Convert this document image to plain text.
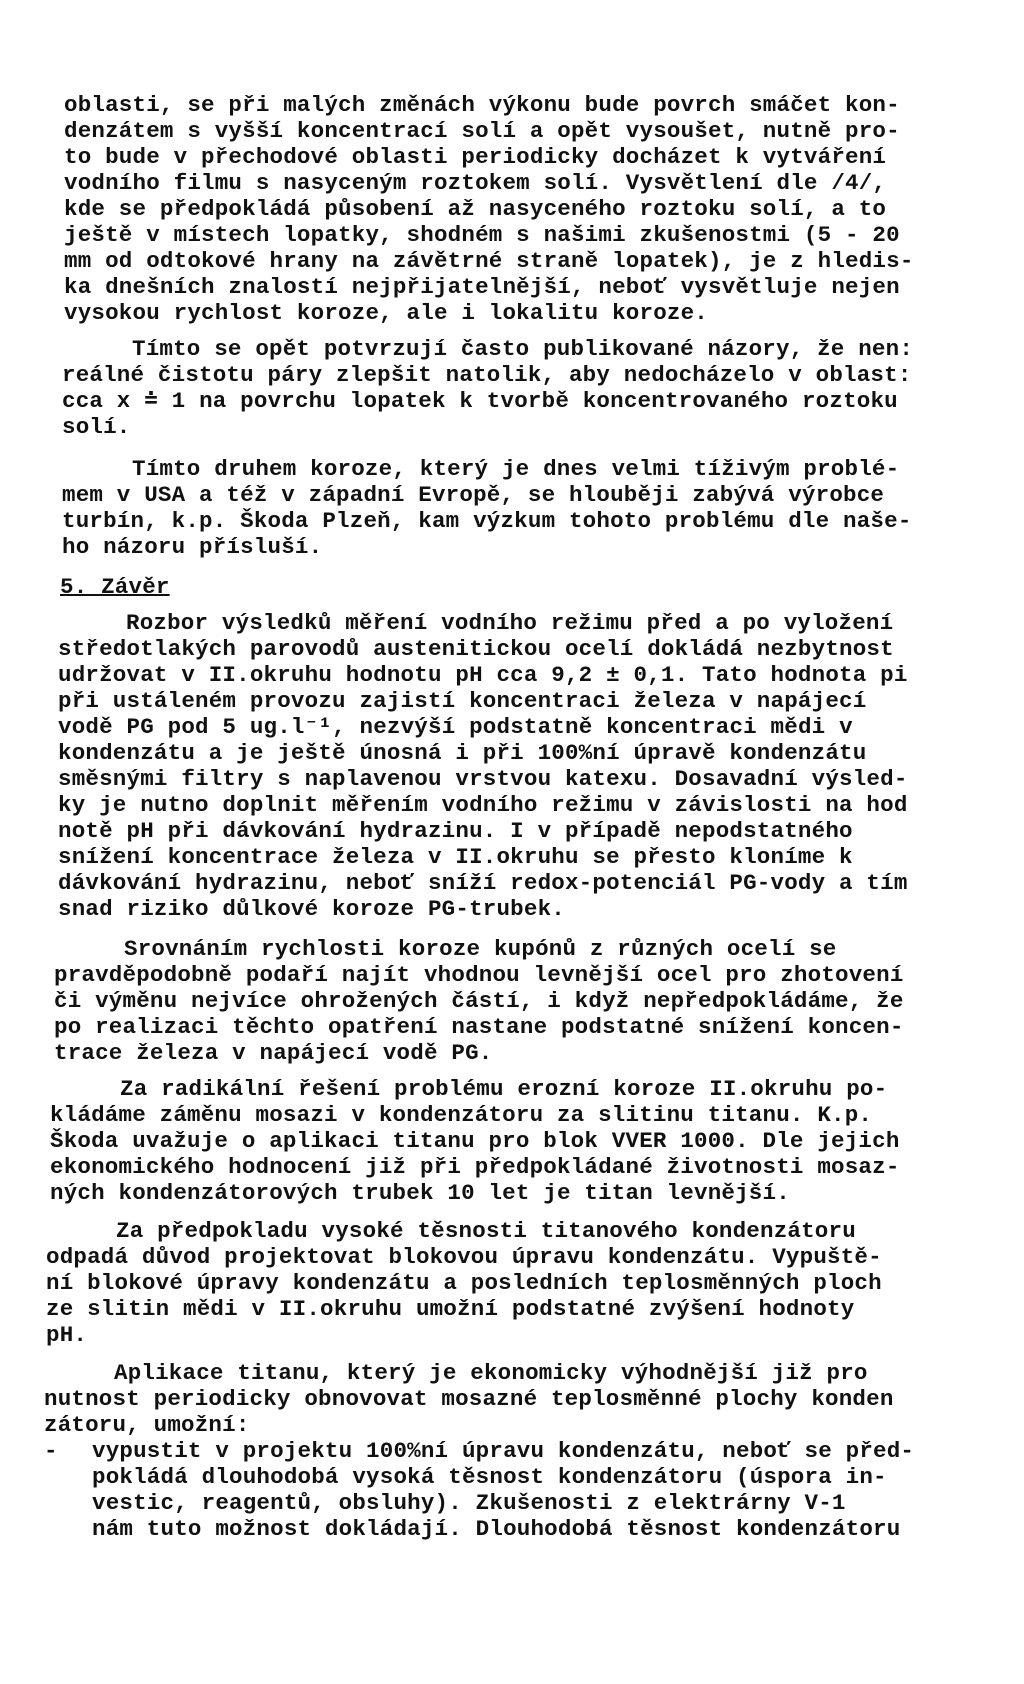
oblasti, se při malých změnách výkonu bude povrch smáčet kon-
denzátem s vyšší koncentrací solí a opět vysoušet, nutně pro-
to bude v přechodové oblasti periodicky docházet k vytváření
vodního filmu s nasyceným roztokem solí. Vysvětlení dle /4/,
kde se předpokládá působení až nasyceného roztoku solí, a to
ještě v místech lopatky, shodném s našimi zkušenostmi (5 - 20
mm od odtokové hrany na závětrné straně lopatek), je z hledis-
ka dnešních znalostí nejpřijatelnější, neboť vysvětluje nejen
vysokou rychlost koroze, ale i lokalitu koroze.
Tímto se opět potvrzují často publikované názory, že nen:
reálné čistotu páry zlepšit natolik, aby nedocházelo v oblast:
cca x ≐ 1 na povrchu lopatek k tvorbě koncentrovaného roztoku
solí.
Tímto druhem koroze, který je dnes velmi tíživým problé-
mem v USA a též v západní Evropě, se hlouběji zabývá výrobce
turbín, k.p. Škoda Plzeň, kam výzkum tohoto problému dle naše-
ho názoru přísluší.
5. Závěr
Rozbor výsledků měření vodního režimu před a po vyložení
středotlakých parovodů austenitickou ocelí dokládá nezbytnost
udržovat v II.okruhu hodnotu pH cca 9,2 ± 0,1. Tato hodnota pi
při ustáleném provozu zajistí koncentraci železa v napájecí
vodě PG pod 5 ug.l⁻¹, nezvýší podstatně koncentraci mědi v
kondenzátu a je ještě únosná i při 100%ní úpravě kondenzátu
směsnými filtry s naplavenou vrstvou katexu. Dosavadní výsled-
ky je nutno doplnit měřením vodního režimu v závislosti na hod
notě pH při dávkování hydrazinu. I v případě nepodstatného
snížení koncentrace železa v II.okruhu se přesto kloníme k
dávkování hydrazinu, neboť sníží redox-potenciál PG-vody a tím
snad riziko důlkové koroze PG-trubek.
Srovnáním rychlosti koroze kupónů z různých ocelí se
pravděpodobně podaří najít vhodnou levnější ocel pro zhotovení
či výměnu nejvíce ohrožených částí, i když nepředpokládáme, že
po realizaci těchto opatření nastane podstatné snížení koncen-
trace železa v napájecí vodě PG.
Za radikální řešení problému erozní koroze II.okruhu po-
kládáme záměnu mosazi v kondenzátoru za slitinu titanu. K.p.
Škoda uvažuje o aplikaci titanu pro blok VVER 1000. Dle jejich
ekonomického hodnocení již při předpokládané životnosti mosaz-
ných kondenzátorových trubek 10 let je titan levnější.
Za předpokladu vysoké těsnosti titanového kondenzátoru
odpadá důvod projektovat blokovou úpravu kondenzátu. Vypuště-
ní blokové úpravy kondenzátu a posledních teplosměnných ploch
ze slitin mědi v II.okruhu umožní podstatné zvýšení hodnoty
pH.
Aplikace titanu, který je ekonomicky výhodnější již pro
nutnost periodicky obnovovat mosazné teplosměnné plochy konden
zátoru, umožní:
- vypustit v projektu 100%ní úpravu kondenzátu, neboť se před-
pokládá dlouhodobá vysoká těsnost kondenzátoru (úspora in-
vestic, reagentů, obsluhy). Zkušenosti z elektrárny V-1
nám tuto možnost dokládají. Dlouhodobá těsnost kondenzátoru
